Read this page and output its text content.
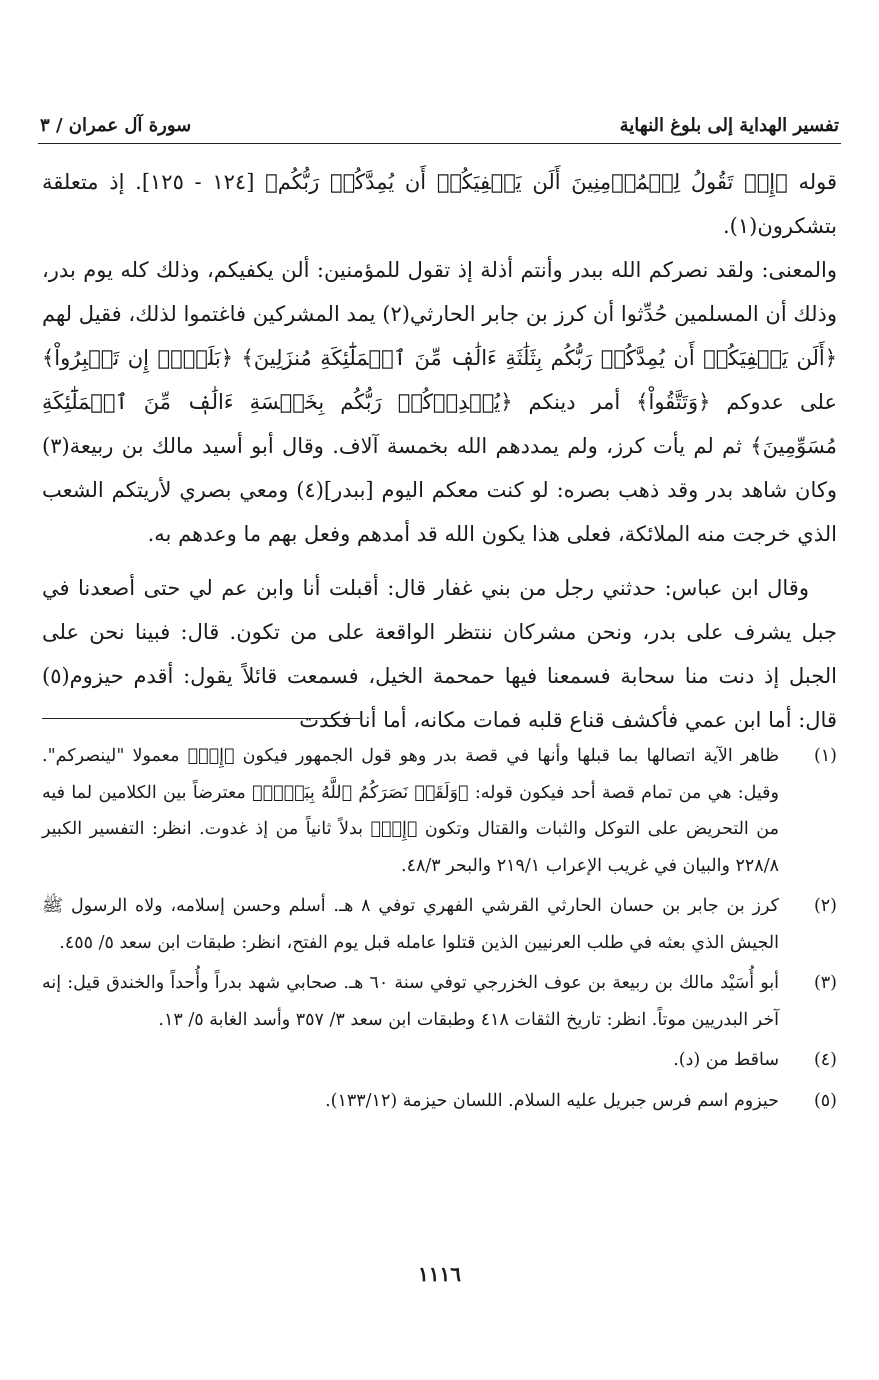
تفسير الهداية إلى بلوغ النهاية
سورة آل عمران / ٣

قوله ﴿إِذۡ تَقُولُ لِلۡمُؤۡمِنِينَ أَلَن يَكۡفِيَكُمۡ أَن يُمِدَّكُمۡ رَبُّكُم﴾ [١٢٤ - ١٢٥]. إذ متعلقة بتشكرون(١).

والمعنى: ولقد نصركم الله ببدر وأنتم أذلة إذ تقول للمؤمنين: ألن يكفيكم، وذلك كله يوم بدر، وذلك أن المسلمين حُدِّثوا أن كرز بن جابر الحارثي(٢) يمد المشركين فاغتموا لذلك، فقيل لهم ﴿أَلَن يَكۡفِيَكُمۡ أَن يُمِدَّكُمۡ رَبُّكُم بِثَلَٰثَةِ ءَالَٰفٖ مِّنَ ٱلۡمَلَٰٓئِكَةِ مُنزَلِينَ﴾ ﴿بَلَىٰٓۚ إِن تَصۡبِرُواْ﴾ على عدوكم ﴿وَتَتَّقُواْ﴾ أمر دينكم ﴿يُمۡدِدۡكُمۡ رَبُّكُم بِخَمۡسَةِ ءَالَٰفٖ مِّنَ ٱلۡمَلَٰٓئِكَةِ مُسَوِّمِينَ﴾ ثم لم يأت كرز، ولم يمددهم الله بخمسة آلاف. وقال أبو أسيد مالك بن ربيعة(٣) وكان شاهد بدر وقد ذهب بصره: لو كنت معكم اليوم [ببدر](٤) ومعي بصري لأريتكم الشعب الذي خرجت منه الملائكة، فعلى هذا يكون الله قد أمدهم وفعل بهم ما وعدهم به.

وقال ابن عباس: حدثني رجل من بني غفار قال: أقبلت أنا وابن عم لي حتى أصعدنا في جبل يشرف على بدر، ونحن مشركان ننتظر الواقعة على من تكون. قال: فبينا نحن على الجبل إذ دنت منا سحابة فسمعنا فيها حمحمة الخيل، فسمعت قائلاً يقول: أقدم حيزوم(٥) قال: أما ابن عمي فأكشف قناع قلبه فمات مكانه، أما أنا فكدت

(١)
ظاهر الآية اتصالها بما قبلها وأنها في قصة بدر وهو قول الجمهور فيكون ﴿إِذۡ﴾ معمولا "لينصركم". وقيل: هي من تمام قصة أحد فيكون قوله: ﴿وَلَقَدۡ نَصَرَكُمُ ٱللَّهُ بِبَدۡرٖ﴾ معترضاً بين الكلامين لما فيه من التحريض على التوكل والثبات والقتال وتكون ﴿إِذۡ﴾ بدلاً ثانياً من إذ غدوت. انظر: التفسير الكبير ٢٢٨/٨ والبيان في غريب الإعراب ٢١٩/١ والبحر ٤٨/٣.
(٢)
كرز بن جابر بن حسان الحارثي القرشي الفهري توفي ٨ هـ. أسلم وحسن إسلامه، ولاه الرسول ﷺ الجيش الذي بعثه في طلب العرنيين الذين قتلوا عامله قبل يوم الفتح، انظر: طبقات ابن سعد ٥/ ٤٥٥.
(٣)
أبو أُسَيْد مالك بن ربيعة بن عوف الخزرجي توفي سنة ٦٠ هـ. صحابي شهد بدراً وأُحداً والخندق قيل: إنه آخر البدريين موتاً. انظر: تاريخ الثقات ٤١٨ وطبقات ابن سعد ٣/ ٣٥٧ وأسد الغابة ٥/ ١٣.
(٤)
ساقط من (د).
(٥)
حيزوم اسم فرس جبريل عليه السلام. اللسان حيزمة (١٣٣/١٢).
١١١٦
